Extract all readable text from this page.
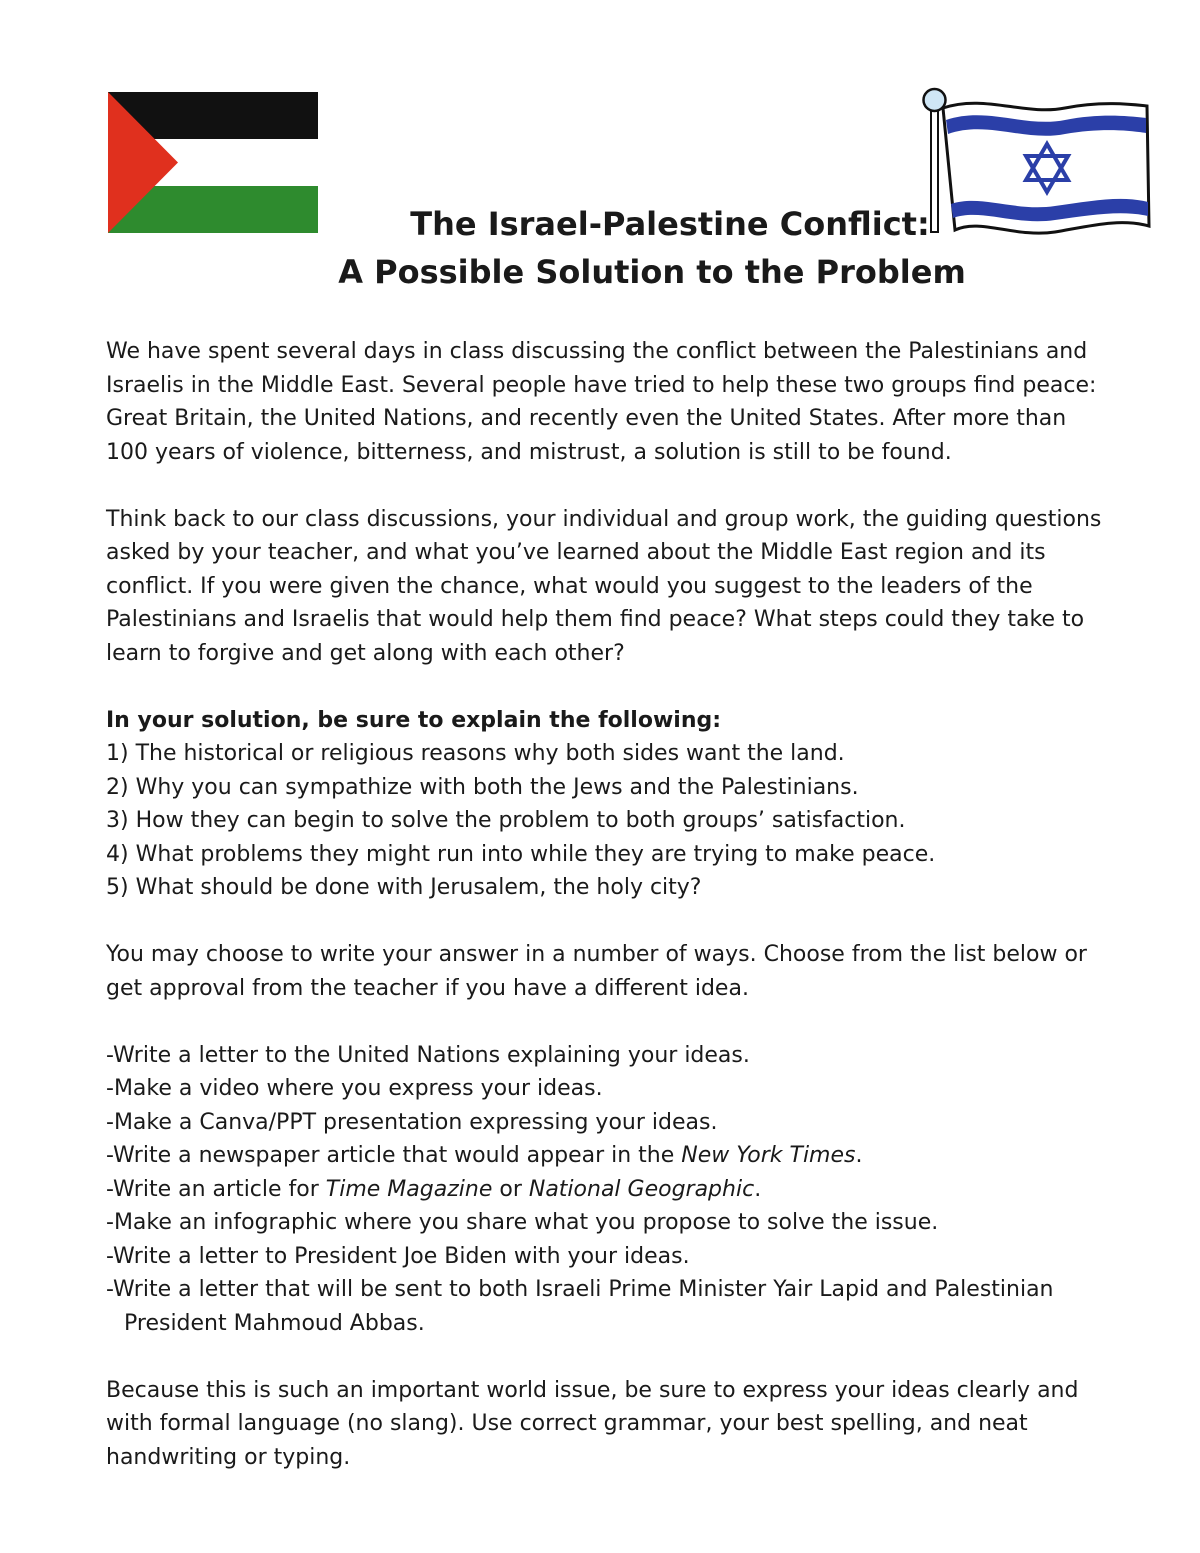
The Israel-Palestine Conflict:
A Possible Solution to the Problem

We have spent several days in class discussing the conflict between the Palestinians and
Israelis in the Middle East. Several people have tried to help these two groups find peace:
Great Britain, the United Nations, and recently even the United States. After more than
100 years of violence, bitterness, and mistrust, a solution is still to be found.

Think back to our class discussions, your individual and group work, the guiding questions
asked by your teacher, and what you’ve learned about the Middle East region and its
conflict. If you were given the chance, what would you suggest to the leaders of the
Palestinians and Israelis that would help them find peace? What steps could they take to
learn to forgive and get along with each other?

In your solution, be sure to explain the following:
1) The historical or religious reasons why both sides want the land.
2) Why you can sympathize with both the Jews and the Palestinians.
3) How they can begin to solve the problem to both groups’ satisfaction.
4) What problems they might run into while they are trying to make peace.
5) What should be done with Jerusalem, the holy city?

You may choose to write your answer in a number of ways. Choose from the list below or
get approval from the teacher if you have a different idea.

-Write a letter to the United Nations explaining your ideas.
-Make a video where you express your ideas.
-Make a Canva/PPT presentation expressing your ideas.
-Write a newspaper article that would appear in the New York Times.
-Write an article for Time Magazine or National Geographic.
-Make an infographic where you share what you propose to solve the issue.
-Write a letter to President Joe Biden with your ideas.
-Write a letter that will be sent to both Israeli Prime Minister Yair Lapid and Palestinian
President Mahmoud Abbas.

Because this is such an important world issue, be sure to express your ideas clearly and
with formal language (no slang). Use correct grammar, your best spelling, and neat
handwriting or typing.
